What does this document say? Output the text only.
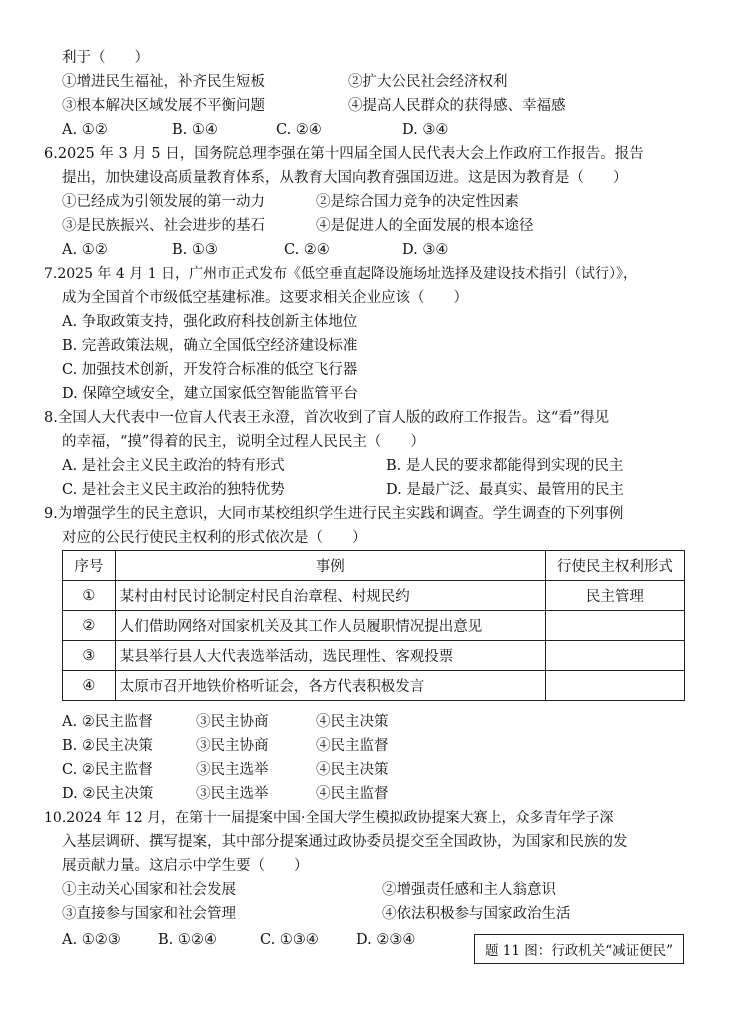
利于（　　）
①增进民生福祉，补齐民生短板	②扩大公民社会经济权利
③根本解决区域发展不平衡问题	④提高人民群众的获得感、幸福感
A. ①②	B. ①④	C. ②④	D. ③④
6.2025 年 3 月 5 日，国务院总理李强在第十四届全国人民代表大会上作政府工作报告。报告
提出，加快建设高质量教育体系，从教育大国向教育强国迈进。这是因为教育是（　　）
①已经成为引领发展的第一动力	②是综合国力竞争的决定性因素
③是民族振兴、社会进步的基石	④是促进人的全面发展的根本途径
A. ①②	B. ①③	C. ②④	D. ③④
7.2025 年 4 月 1 日，广州市正式发布《低空垂直起降设施场址选择及建设技术指引（试行）》，
成为全国首个市级低空基建标准。这要求相关企业应该（　　）
A. 争取政策支持，强化政府科技创新主体地位
B. 完善政策法规，确立全国低空经济建设标准
C. 加强技术创新，开发符合标准的低空飞行器
D. 保障空域安全，建立国家低空智能监管平台
8.全国人大代表中一位盲人代表王永澄，首次收到了盲人版的政府工作报告。这“看”得见
的幸福，“摸”得着的民主，说明全过程人民民主（　　）
A. 是社会主义民主政治的特有形式	B. 是人民的要求都能得到实现的民主
C. 是社会主义民主政治的独特优势	D. 是最广泛、最真实、最管用的民主
9.为增强学生的民主意识，大同市某校组织学生进行民主实践和调查。学生调查的下列事例
对应的公民行使民主权利的形式依次是（　　）
序号	事例	行使民主权利形式
①	某村由村民讨论制定村民自治章程、村规民约	民主管理
②	人们借助网络对国家机关及其工作人员履职情况提出意见	
③	某县举行县人大代表选举活动，选民理性、客观投票	
④	太原市召开地铁价格听证会，各方代表积极发言	
A. ②民主监督	③民主协商	④民主决策
B. ②民主决策	③民主协商	④民主监督
C. ②民主监督	③民主选举	④民主决策
D. ②民主决策	③民主选举	④民主监督
10.2024 年 12 月，在第十一届提案中国·全国大学生模拟政协提案大赛上，众多青年学子深
入基层调研、撰写提案，其中部分提案通过政协委员提交至全国政协，为国家和民族的发
展贡献力量。这启示中学生要（　　）
①主动关心国家和社会发展	②增强责任感和主人翁意识
③直接参与国家和社会管理	④依法积极参与国家政治生活
A. ①②③	B. ①②④	C. ①③④	D. ②③④
题 11 图：行政机关“减证便民”
